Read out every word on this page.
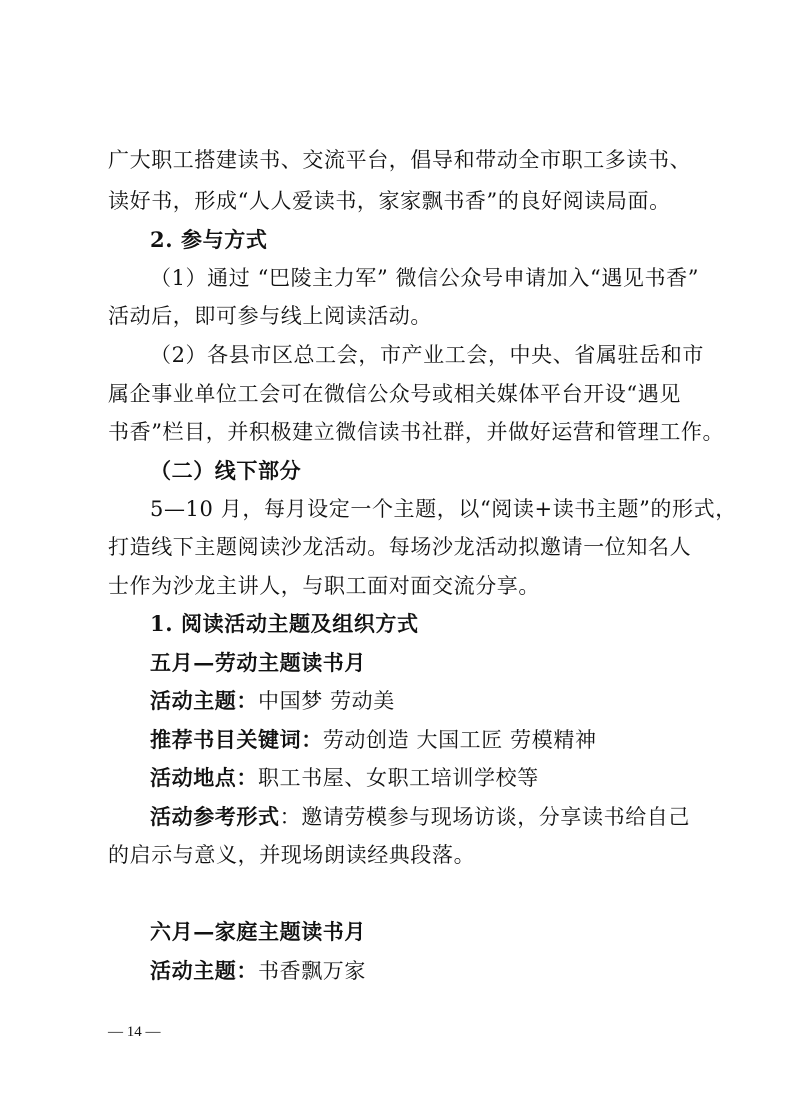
广大职工搭建读书、交流平台，倡导和带动全市职工多读书、
读好书，形成“人人爱读书，家家飘书香”的良好阅读局面。
2. 参与方式
（1）通过 “巴陵主力军” 微信公众号申请加入“遇见书香”
活动后，即可参与线上阅读活动。
（2）各县市区总工会，市产业工会，中央、省属驻岳和市
属企事业单位工会可在微信公众号或相关媒体平台开设“遇见
书香”栏目，并积极建立微信读书社群，并做好运营和管理工作。
（二）线下部分
5—10 月，每月设定一个主题，以“阅读+读书主题”的形式，
打造线下主题阅读沙龙活动。每场沙龙活动拟邀请一位知名人
士作为沙龙主讲人，与职工面对面交流分享。
1. 阅读活动主题及组织方式
五月—劳动主题读书月
活动主题：中国梦 劳动美
推荐书目关键词：劳动创造 大国工匠 劳模精神
活动地点：职工书屋、女职工培训学校等
活动参考形式：邀请劳模参与现场访谈，分享读书给自己
的启示与意义，并现场朗读经典段落。
六月—家庭主题读书月
活动主题：书香飘万家
— 14 —
